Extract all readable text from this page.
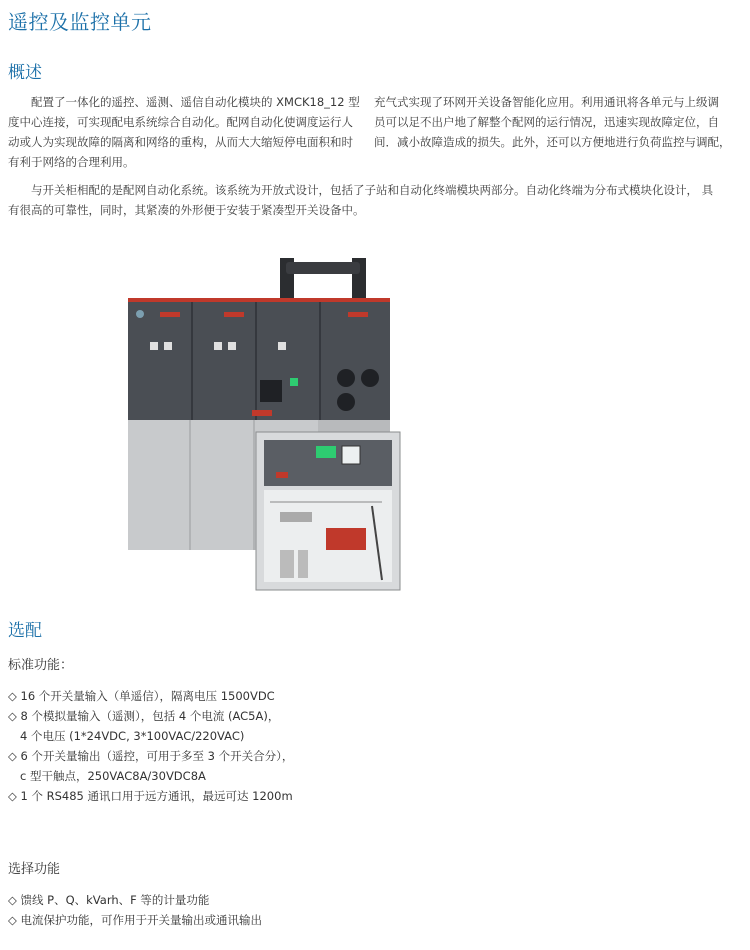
遥控及监控单元
概述
配置了一体化的遥控、遥测、遥信自动化模块的 XMCK18_12 型
度中心连接，可实现配电系统综合自动化。配网自动化使调度运行人
动或人为实现故障的隔离和网络的重构，从而大大缩短停电面积和时
有利于网络的合理利用。
充气式实现了环网开关设备智能化应用。利用通讯将各单元与上级调
员可以足不出户地了解整个配网的运行情况，迅速实现故障定位，自
间．减小故障造成的损失。此外，还可以方便地进行负荷监控与调配，
与开关柜相配的是配网自动化系统。该系统为开放式设计，包括了子站和自动化终端模块两部分。自动化终端为分布式模块化设计， 具
有很高的可靠性，同时，其紧凑的外形便于安装于紧凑型开关设备中。
选配
标准功能：
◇ 16 个开关量输入（单遥信），隔离电压 1500VDC
◇ 8 个模拟量输入（遥测），包括 4 个电流 (AC5A)，
4 个电压 (1*24VDC, 3*100VAC/220VAC)
◇ 6 个开关量输出（遥控，可用于多至 3 个开关合分），
c 型干触点，250VAC8A/30VDC8A
◇ 1 个 RS485 通讯口用于远方通讯，最远可达 1200m
选择功能
◇ 馈线 P、Q、kVarh、F 等的计量功能
◇ 电流保护功能，可作用于开关量输出或通讯输出
